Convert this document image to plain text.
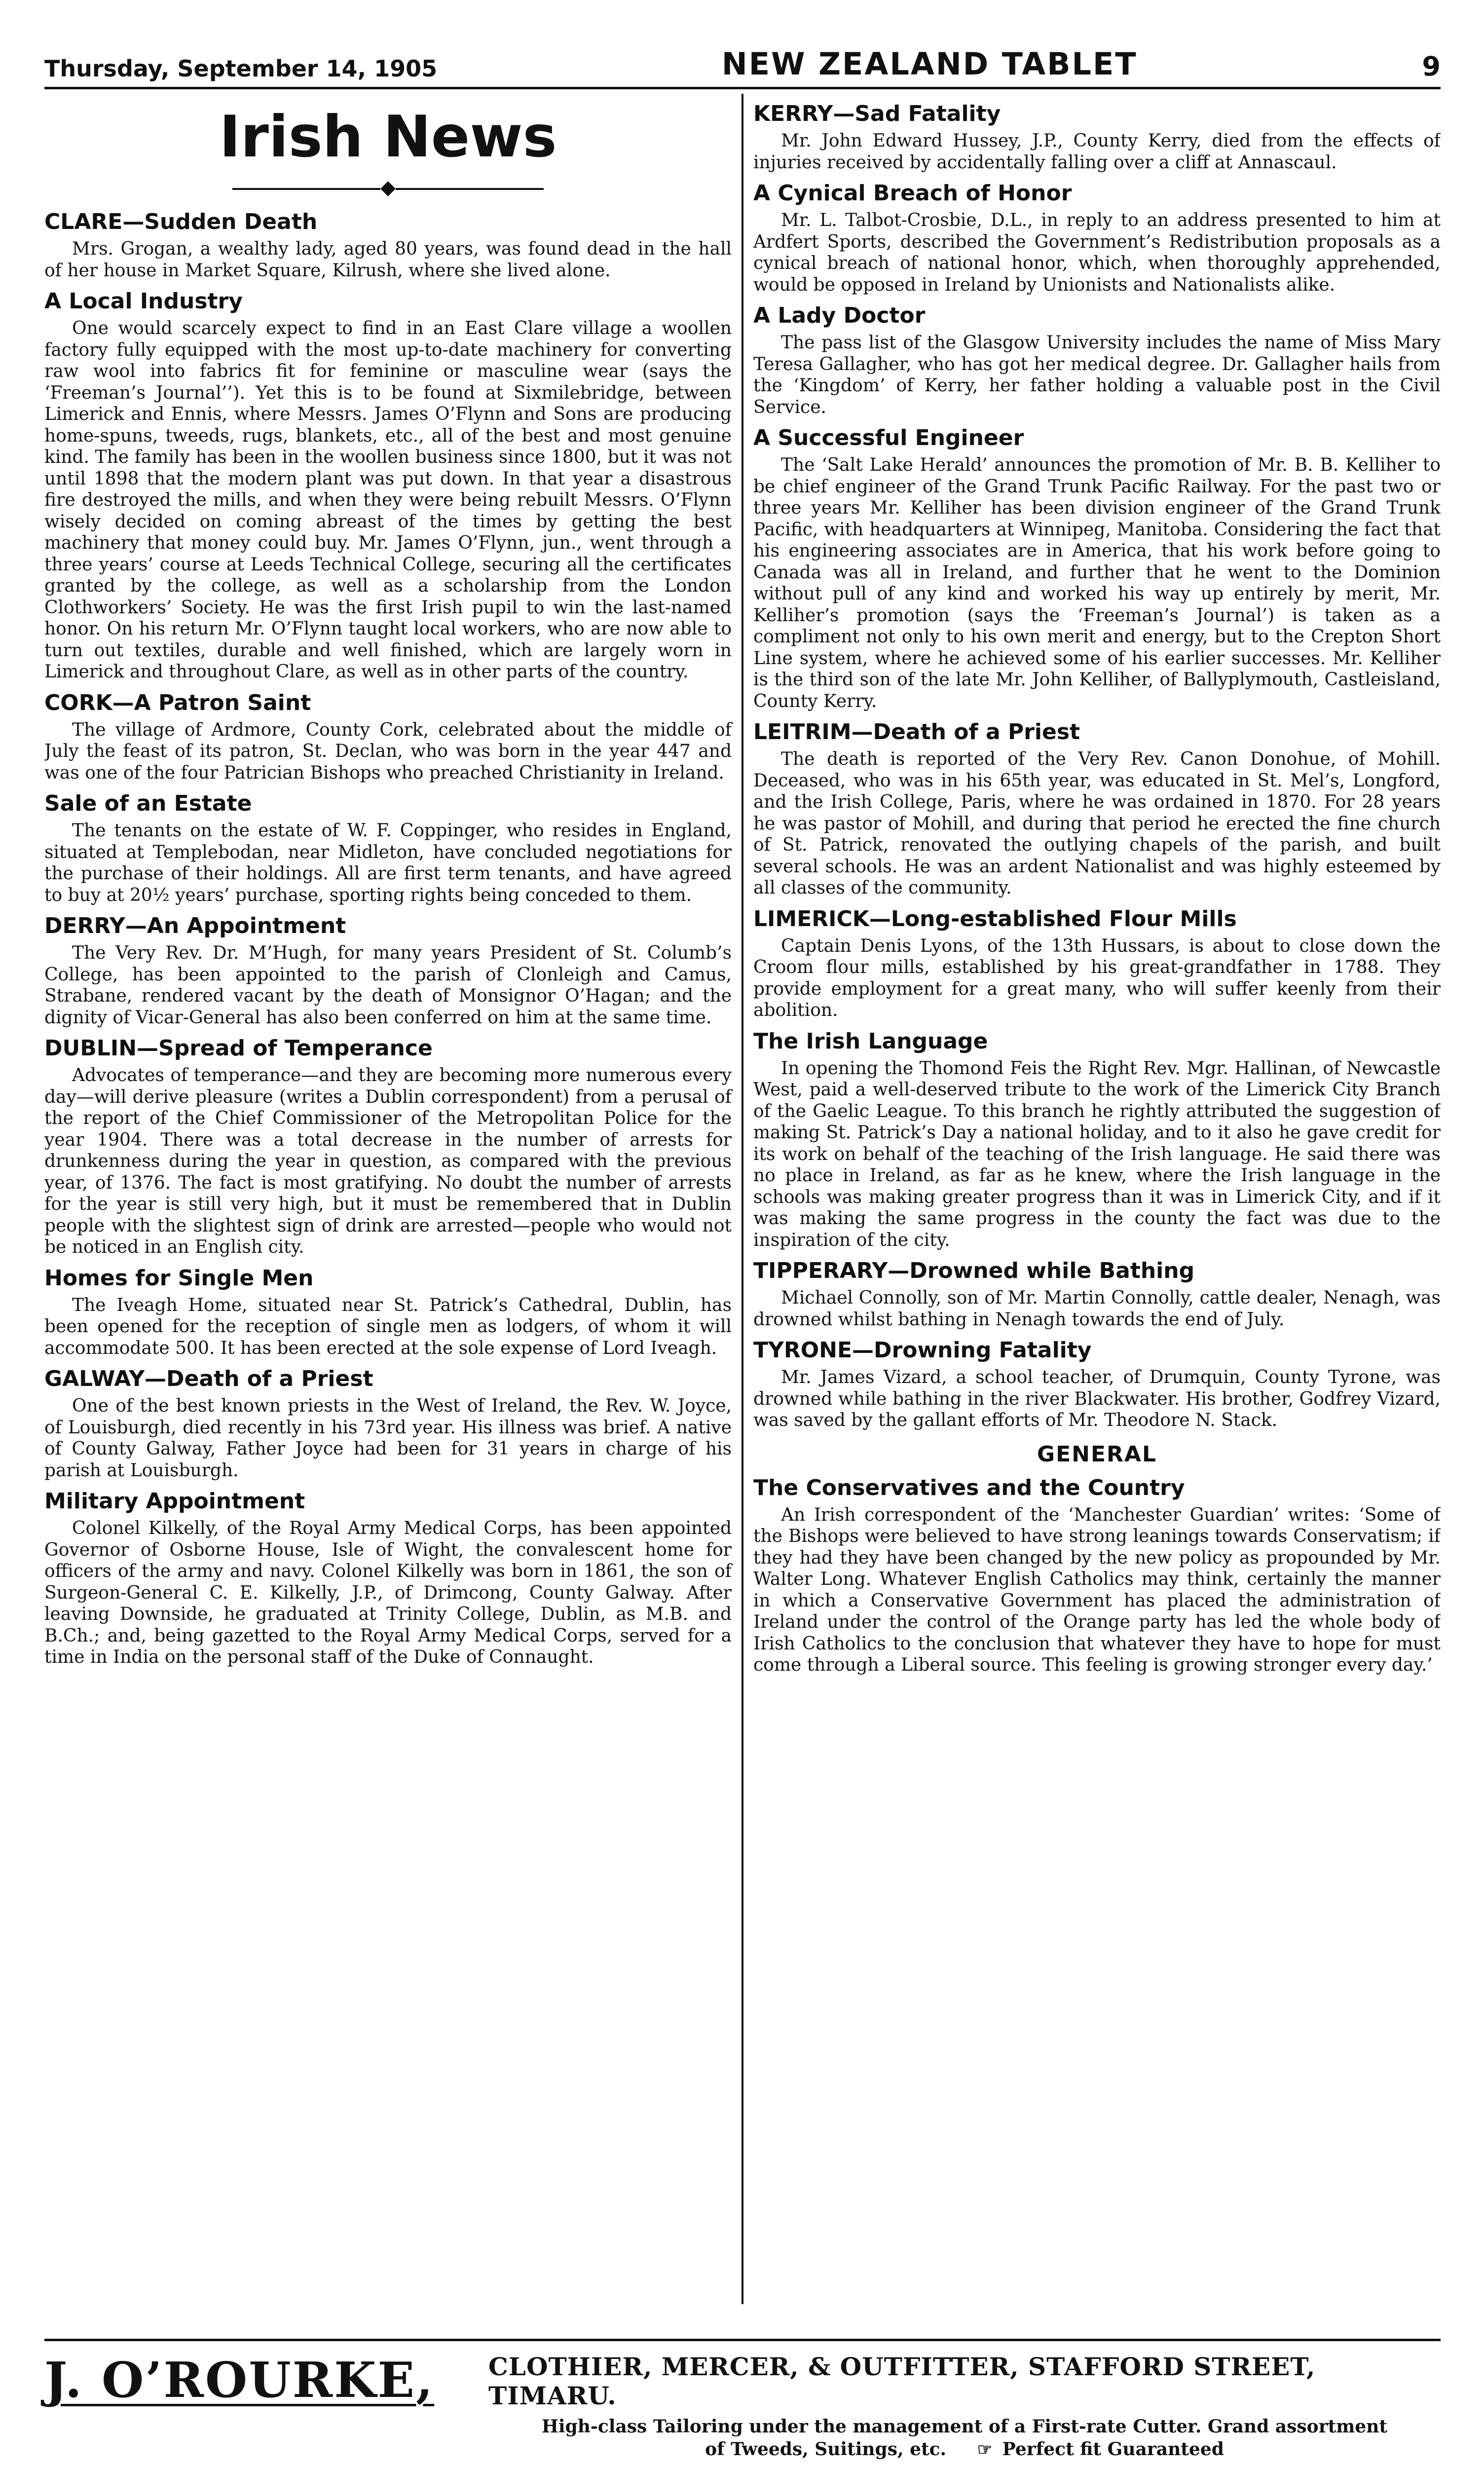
Thursday, September 14, 1905	NEW ZEALAND TABLET	9
Irish News
◆
CLARE—Sudden Death

Mrs. Grogan, a wealthy lady, aged 80 years, was found dead in the hall of her house in Market Square, Kilrush, where she lived alone.

A Local Industry

One would scarcely expect to find in an East Clare village a woollen factory fully equipped with the most up-to-date machinery for converting raw wool into fabrics fit for feminine or masculine wear (says the ‘Freeman’s Journal’’). Yet this is to be found at Sixmilebridge, between Limerick and Ennis, where Messrs. James O’Flynn and Sons are producing home-spuns, tweeds, rugs, blankets, etc., all of the best and most genuine kind. The family has been in the woollen business since 1800, but it was not until 1898 that the modern plant was put down. In that year a disastrous fire destroyed the mills, and when they were being rebuilt Messrs. O’Flynn wisely decided on coming abreast of the times by getting the best machinery that money could buy. Mr. James O’Flynn, jun., went through a three years’ course at Leeds Technical College, securing all the certificates granted by the college, as well as a scholarship from the London Clothworkers’ Society. He was the first Irish pupil to win the last-named honor. On his return Mr. O’Flynn taught local workers, who are now able to turn out textiles, durable and well finished, which are largely worn in Limerick and throughout Clare, as well as in other parts of the country.

CORK—A Patron Saint

The village of Ardmore, County Cork, celebrated about the middle of July the feast of its patron, St. Declan, who was born in the year 447 and was one of the four Patrician Bishops who preached Christianity in Ireland.

Sale of an Estate

The tenants on the estate of W. F. Coppinger, who resides in England, situated at Templebodan, near Midleton, have concluded negotiations for the purchase of their holdings. All are first term tenants, and have agreed to buy at 20½ years’ purchase, sporting rights being conceded to them.

DERRY—An Appointment

The Very Rev. Dr. M’Hugh, for many years President of St. Columb’s College, has been appointed to the parish of Clonleigh and Camus, Strabane, rendered vacant by the death of Monsignor O’Hagan; and the dignity of Vicar-General has also been conferred on him at the same time.

DUBLIN—Spread of Temperance

Advocates of temperance—and they are becoming more numerous every day—will derive pleasure (writes a Dublin correspondent) from a perusal of the report of the Chief Commissioner of the Metropolitan Police for the year 1904. There was a total decrease in the number of arrests for drunkenness during the year in question, as compared with the previous year, of 1376. The fact is most gratifying. No doubt the number of arrests for the year is still very high, but it must be remembered that in Dublin people with the slightest sign of drink are arrested—people who would not be noticed in an English city.

Homes for Single Men

The Iveagh Home, situated near St. Patrick’s Cathedral, Dublin, has been opened for the reception of single men as lodgers, of whom it will accommodate 500. It has been erected at the sole expense of Lord Iveagh.

GALWAY—Death of a Priest

One of the best known priests in the West of Ireland, the Rev. W. Joyce, of Louisburgh, died recently in his 73rd year. His illness was brief. A native of County Galway, Father Joyce had been for 31 years in charge of his parish at Louisburgh.

Military Appointment

Colonel Kilkelly, of the Royal Army Medical Corps, has been appointed Governor of Osborne House, Isle of Wight, the convalescent home for officers of the army and navy. Colonel Kilkelly was born in 1861, the son of Surgeon-General C. E. Kilkelly, J.P., of Drimcong, County Galway. After leaving Downside, he graduated at Trinity College, Dublin, as M.B. and B.Ch.; and, being gazetted to the Royal Army Medical Corps, served for a time in India on the personal staff of the Duke of Connaught.

KERRY—Sad Fatality

Mr. John Edward Hussey, J.P., County Kerry, died from the effects of injuries received by accidentally falling over a cliff at Annascaul.

A Cynical Breach of Honor

Mr. L. Talbot-Crosbie, D.L., in reply to an address presented to him at Ardfert Sports, described the Government’s Redistribution proposals as a cynical breach of national honor, which, when thoroughly apprehended, would be opposed in Ireland by Unionists and Nationalists alike.

A Lady Doctor

The pass list of the Glasgow University includes the name of Miss Mary Teresa Gallagher, who has got her medical degree. Dr. Gallagher hails from the ‘Kingdom’ of Kerry, her father holding a valuable post in the Civil Service.

A Successful Engineer

The ‘Salt Lake Herald’ announces the promotion of Mr. B. B. Kelliher to be chief engineer of the Grand Trunk Pacific Railway. For the past two or three years Mr. Kelliher has been division engineer of the Grand Trunk Pacific, with headquarters at Winnipeg, Manitoba. Considering the fact that his engineering associates are in America, that his work before going to Canada was all in Ireland, and further that he went to the Dominion without pull of any kind and worked his way up entirely by merit, Mr. Kelliher’s promotion (says the ‘Freeman’s Journal’) is taken as a compliment not only to his own merit and energy, but to the Crepton Short Line system, where he achieved some of his earlier successes. Mr. Kelliher is the third son of the late Mr. John Kelliher, of Ballyplymouth, Castleisland, County Kerry.

LEITRIM—Death of a Priest

The death is reported of the Very Rev. Canon Donohue, of Mohill. Deceased, who was in his 65th year, was educated in St. Mel’s, Longford, and the Irish College, Paris, where he was ordained in 1870. For 28 years he was pastor of Mohill, and during that period he erected the fine church of St. Patrick, renovated the outlying chapels of the parish, and built several schools. He was an ardent Nationalist and was highly esteemed by all classes of the community.

LIMERICK—Long-established Flour Mills

Captain Denis Lyons, of the 13th Hussars, is about to close down the Croom flour mills, established by his great-grandfather in 1788. They provide employment for a great many, who will suffer keenly from their abolition.

The Irish Language

In opening the Thomond Feis the Right Rev. Mgr. Hallinan, of Newcastle West, paid a well-deserved tribute to the work of the Limerick City Branch of the Gaelic League. To this branch he rightly attributed the suggestion of making St. Patrick’s Day a national holiday, and to it also he gave credit for its work on behalf of the teaching of the Irish language. He said there was no place in Ireland, as far as he knew, where the Irish language in the schools was making greater progress than it was in Limerick City, and if it was making the same progress in the county the fact was due to the inspiration of the city.

TIPPERARY—Drowned while Bathing

Michael Connolly, son of Mr. Martin Connolly, cattle dealer, Nenagh, was drowned whilst bathing in Nenagh towards the end of July.

TYRONE—Drowning Fatality

Mr. James Vizard, a school teacher, of Drumquin, County Tyrone, was drowned while bathing in the river Blackwater. His brother, Godfrey Vizard, was saved by the gallant efforts of Mr. Theodore N. Stack.

GENERAL
The Conservatives and the Country

An Irish correspondent of the ‘Manchester Guardian’ writes: ‘Some of the Bishops were believed to have strong leanings towards Conservatism; if they had they have been changed by the new policy as propounded by Mr. Walter Long. Whatever English Catholics may think, certainly the manner in which a Conservative Government has placed the administration of Ireland under the control of the Orange party has led the whole body of Irish Catholics to the conclusion that whatever they have to hope for must come through a Liberal source. This feeling is growing stronger every day.’

J. O’ROURKE,	CLOTHIER, MERCER, & OUTFITTER, STAFFORD STREET, TIMARU.
High-class Tailoring under the management of a First-rate Cutter. Grand assortment
of Tweeds, Suitings, etc. ☞ Perfect fit Guaranteed
